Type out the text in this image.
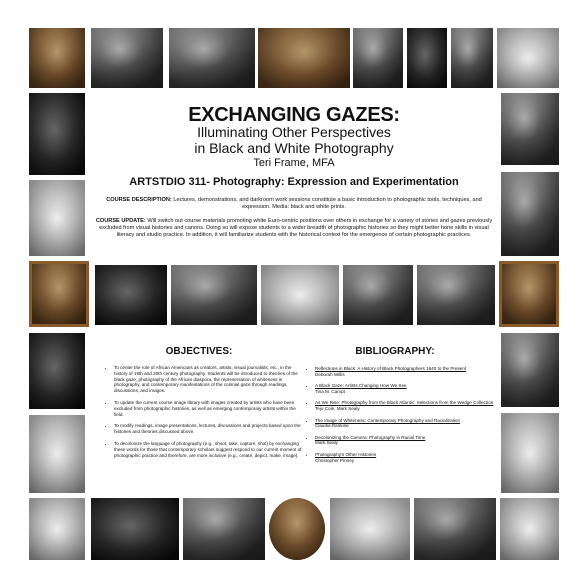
EXCHANGING GAZES:
Illuminating Other Perspectives
in Black and White Photography
Teri Frame, MFA
ARTSTDIO 311- Photography: Expression and Experimentation
COURSE DESCRIPTION: Lectures, demonstrations, and darkroom work sessions constitute a basic introduction to photographic tools, techniques, and expression. Media: black and white prints.
COURSE UPDATE: Will switch out course materials promoting white Euro-centric positions over others in exchange for a variety of stories and gazes previously excluded from visual histories and canons. Doing so will expose students to a wider breadth of photographic histories so they might better hone skills in visual literacy and studio practice. In addition, it will familiarize students with the historical context for the emergence of certain photographic practices.
OBJECTIVES:
• To center the role of African Americans as creators, artists, visual journalists, etc., in the history of 19th and 20th century photography. Students will be introduced to theories of the black gaze, photography of the African diaspora, the representation of whiteness in photography, and contemporary manifestations of the colonial gaze through readings, discussions, and images.
• To update the current course image library with images created by artists who have been excluded from photographic histories, as well as emerging contemporary artists within the field.
• To modify readings, image presentations, lectures, discussions and projects based upon the histories and theories discussed above.
• To decolonize the language of photography (e.g., shoot, take, capture, shot) by exchanging these words for those that contemporary scholars suggest respond to our current moment of photographic practice and therefore, are more inclusive (e.g., create, depict, make, image).
BIBLIOGRAPHY:
• Reflections in Black: A History of Black Photographers 1840 to the Present
Deborah Willis
• A Black Gaze: Artists Changing How We See
Tina M. Campt
• As We Rise: Photography from the Black Atlantic: Selections from the Wedge Collection
Teju Cole, Mark Sealy
• The Image of Whiteness: Contemporary Photography and Racialization
Claudia Rankine
• Decolonizing the Camera: Photography in Racial Time
Mark Sealy
• Photography's Other Histories
Christopher Pinney
